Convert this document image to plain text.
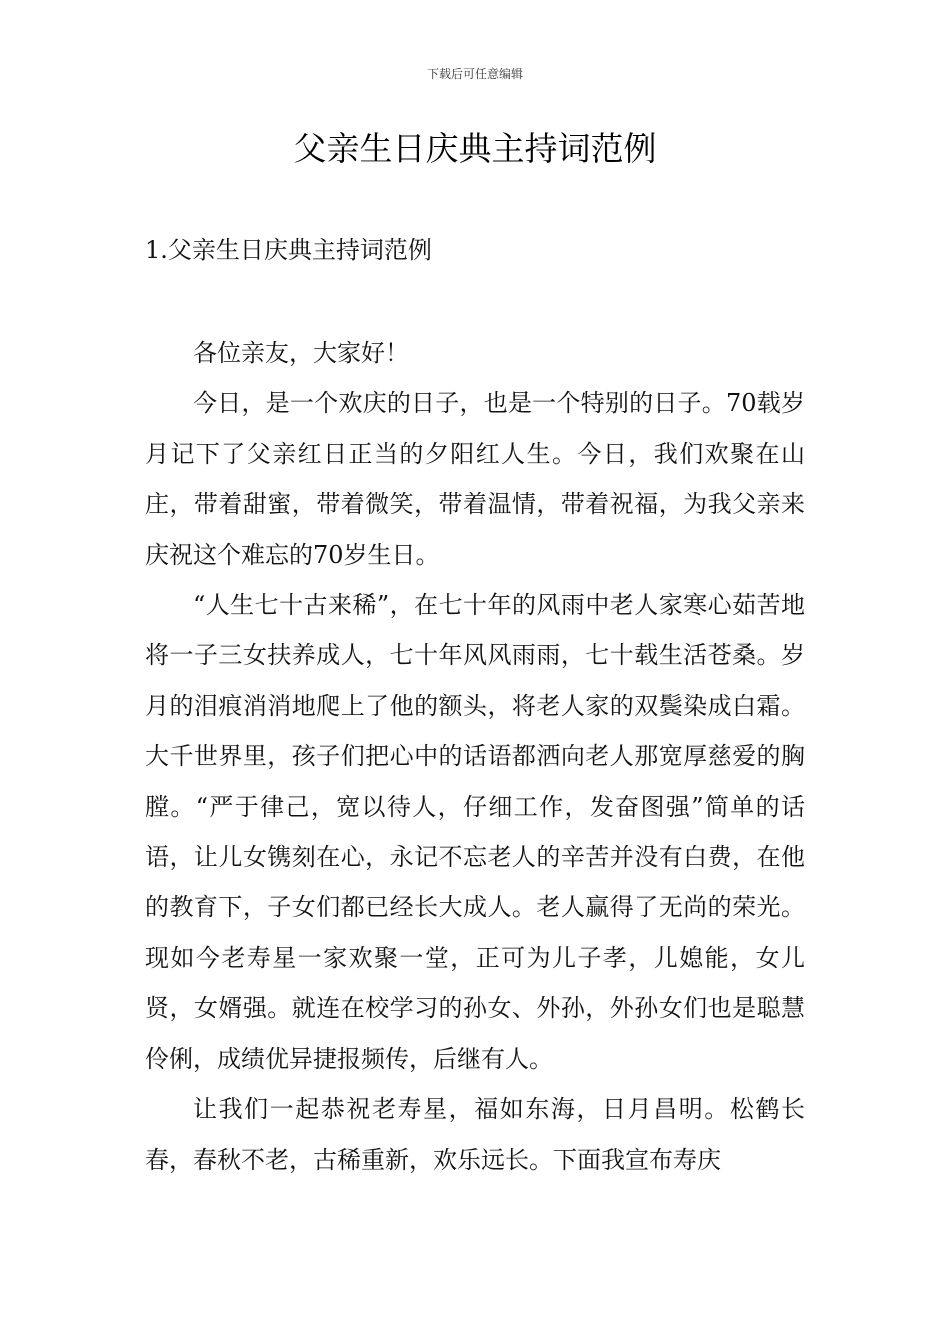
下载后可任意编辑
父亲生日庆典主持词范例
1.父亲生日庆典主持词范例

各位亲友，大家好！

今日，是一个欢庆的日子，也是一个特别的日子。70载岁月记下了父亲红日正当的夕阳红人生。今日，我们欢聚在山庄，带着甜蜜，带着微笑，带着温情，带着祝福，为我父亲来庆祝这个难忘的70岁生日。

“人生七十古来稀”，在七十年的风雨中老人家寒心茹苦地将一子三女扶养成人，七十年风风雨雨，七十载生活苍桑。岁月的泪痕消消地爬上了他的额头，将老人家的双鬓染成白霜。大千世界里，孩子们把心中的话语都洒向老人那宽厚慈爱的胸膛。“严于律己，宽以待人，仔细工作，发奋图强”简单的话语，让儿女镌刻在心，永记不忘老人的辛苦并没有白费，在他的教育下，子女们都已经长大成人。老人赢得了无尚的荣光。现如今老寿星一家欢聚一堂，正可为儿子孝，儿媳能，女儿贤，女婿强。就连在校学习的孙女、外孙，外孙女们也是聪慧伶俐，成绩优异捷报频传，后继有人。

让我们一起恭祝老寿星，福如东海，日月昌明。松鹤长春，春秋不老，古稀重新，欢乐远长。下面我宣布寿庆
